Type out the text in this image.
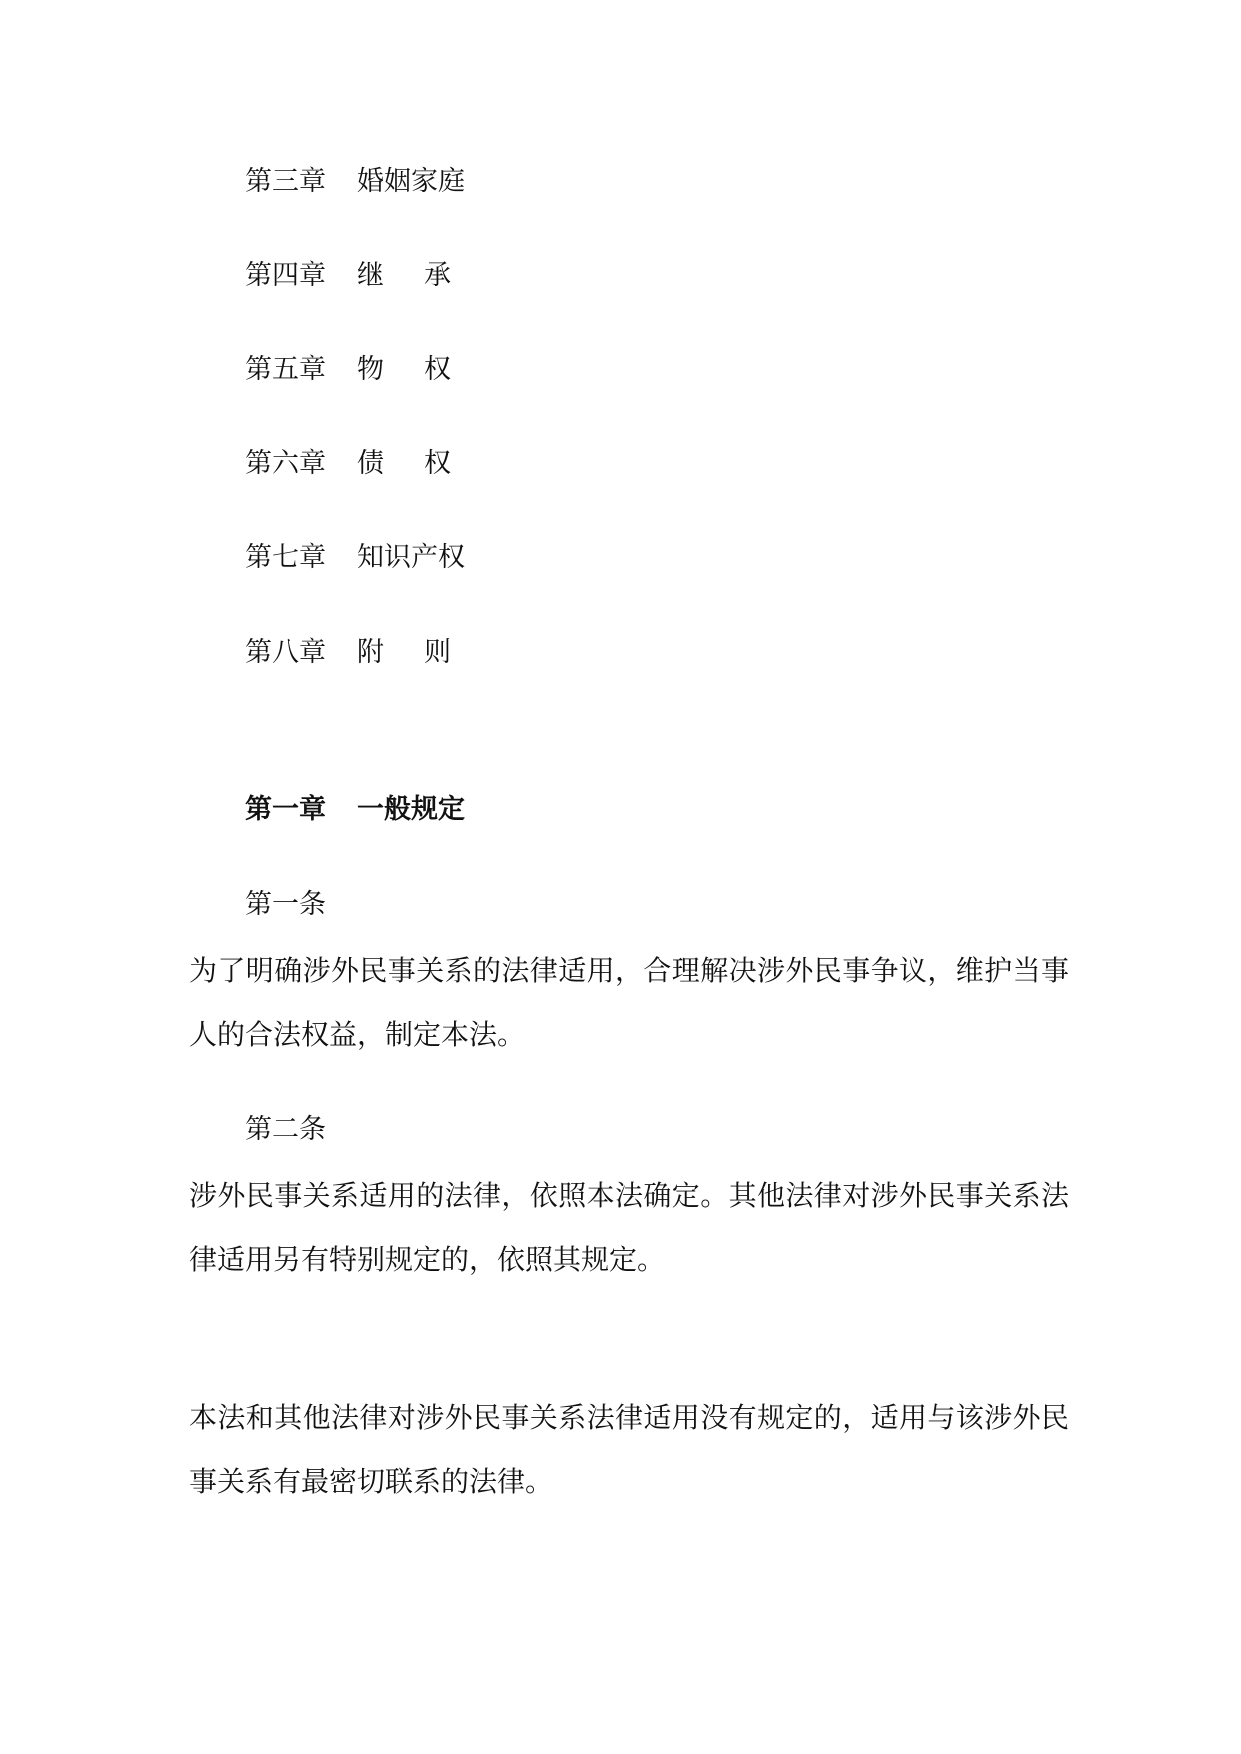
第三章 婚姻家庭
第四章 继承
第五章 物权
第六章 债权
第七章 知识产权
第八章 附则
第一章 一般规定
第一条
为了明确涉外民事关系的法律适用，合理解决涉外民事争议，维护当事人的合法权益，制定本法。
第二条
涉外民事关系适用的法律，依照本法确定。其他法律对涉外民事关系法律适用另有特别规定的，依照其规定。
本法和其他法律对涉外民事关系法律适用没有规定的，适用与该涉外民事关系有最密切联系的法律。
